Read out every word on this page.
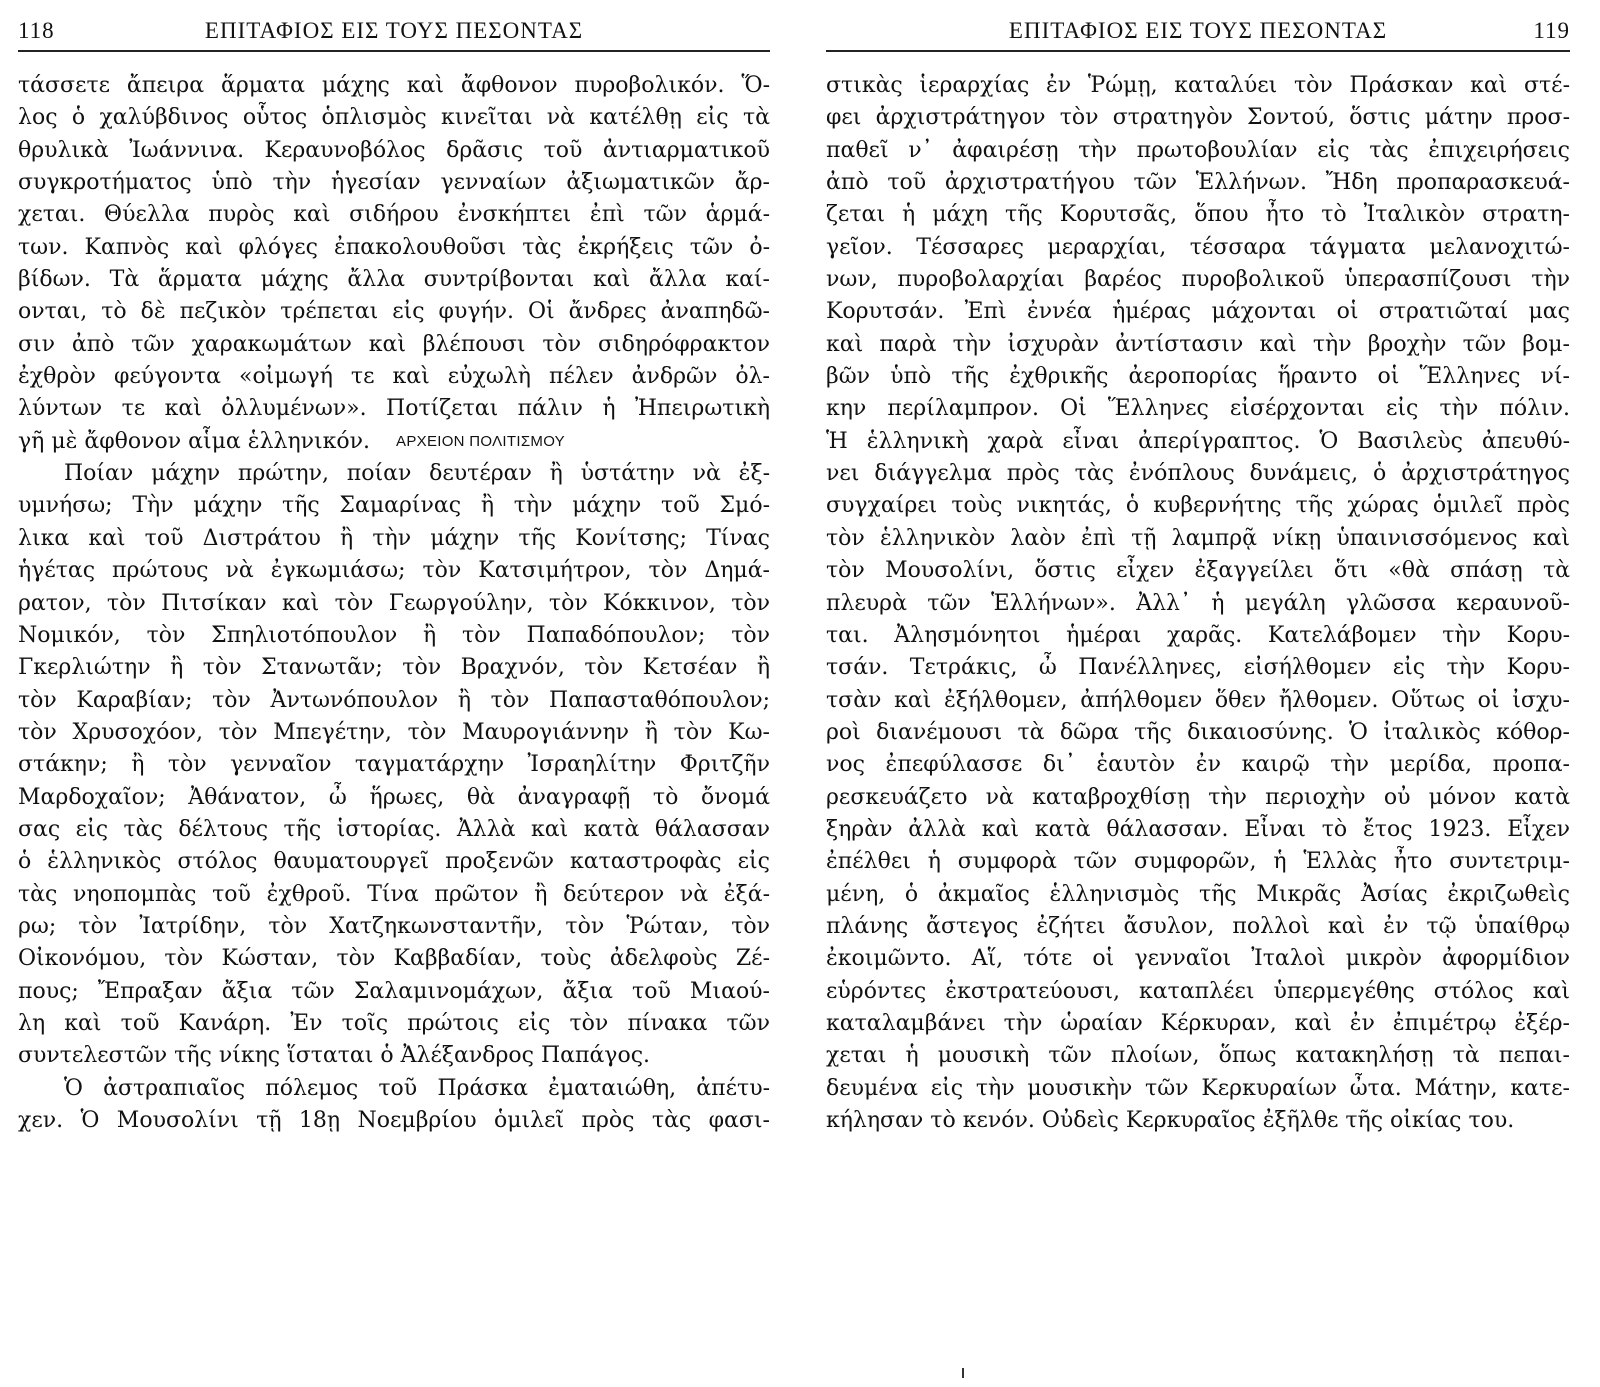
118	ΕΠΙΤΑΦΙΟΣ ΕΙΣ ΤΟΥΣ ΠΕΣΟΝΤΑΣ
τάσσετε ἄπειρα ἅρματα μάχης καὶ ἄφθονον πυροβολικόν. Ὅ-
λος ὁ χαλύβδινος οὗτος ὁπλισμὸς κινεῖται νὰ κατέλθῃ εἰς τὰ
θρυλικὰ Ἰωάννινα. Κεραυνοβόλος δρᾶσις τοῦ ἀντιαρματικοῦ
συγκροτήματος ὑπὸ τὴν ἡγεσίαν γενναίων ἀξιωματικῶν ἄρ-
χεται. Θύελλα πυρὸς καὶ σιδήρου ἐνσκήπτει ἐπὶ τῶν ἁρμά-
των. Καπνὸς καὶ φλόγες ἐπακολουθοῦσι τὰς ἐκρήξεις τῶν ὀ-
βίδων. Τὰ ἅρματα μάχης ἄλλα συντρίβονται καὶ ἄλλα καί-
ονται, τὸ δὲ πεζικὸν τρέπεται εἰς φυγήν. Οἱ ἄνδρες ἀναπηδῶ-
σιν ἀπὸ τῶν χαρακωμάτων καὶ βλέπουσι τὸν σιδηρόφρακτον
ἐχθρὸν φεύγοντα «οἰμωγή τε καὶ εὐχωλὴ πέλεν ἀνδρῶν ὀλ-
λύντων τε καὶ ὀλλυμένων». Ποτίζεται πάλιν ἡ Ἠπειρωτικὴ
γῆ μὲ ἄφθονον αἷμα ἑλληνικόν. ΑΡΧΕΙΟΝ ΠΟΛΙΤΙΣΜΟΥ
Ποίαν μάχην πρώτην, ποίαν δευτέραν ἢ ὑστάτην νὰ ἐξ-
υμνήσω; Τὴν μάχην τῆς Σαμαρίνας ἢ τὴν μάχην τοῦ Σμό-
λικα καὶ τοῦ Διστράτου ἢ τὴν μάχην τῆς Κονίτσης; Τίνας
ἡγέτας πρώτους νὰ ἐγκωμιάσω; τὸν Κατσιμήτρον, τὸν Δημά-
ρατον, τὸν Πιτσίκαν καὶ τὸν Γεωργούλην, τὸν Κόκκινον, τὸν
Νομικόν, τὸν Σπηλιοτόπουλον ἢ τὸν Παπαδόπουλον; τὸν
Γκερλιώτην ἢ τὸν Στανωτᾶν; τὸν Βραχνόν, τὸν Κετσέαν ἢ
τὸν Καραβίαν; τὸν Ἀντωνόπουλον ἢ τὸν Παπασταθόπουλον;
τὸν Χρυσοχόον, τὸν Μπεγέτην, τὸν Μαυρογιάννην ἢ τὸν Κω-
στάκην; ἢ τὸν γενναῖον ταγματάρχην Ἰσραηλίτην Φριτζῆν
Μαρδοχαῖον; Ἀθάνατον, ὦ ἥρωες, θὰ ἀναγραφῇ τὸ ὄνομά
σας εἰς τὰς δέλτους τῆς ἱστορίας. Ἀλλὰ καὶ κατὰ θάλασσαν
ὁ ἑλληνικὸς στόλος θαυματουργεῖ προξενῶν καταστροφὰς εἰς
τὰς νηοπομπὰς τοῦ ἐχθροῦ. Τίνα πρῶτον ἢ δεύτερον νὰ ἐξά-
ρω; τὸν Ἰατρίδην, τὸν Χατζηκωνσταντῆν, τὸν Ῥώταν, τὸν
Οἰκονόμου, τὸν Κώσταν, τὸν Καββαδίαν, τοὺς ἀδελφοὺς Ζέ-
πους; Ἔπραξαν ἄξια τῶν Σαλαμινομάχων, ἄξια τοῦ Μιαού-
λη καὶ τοῦ Κανάρη. Ἐν τοῖς πρώτοις εἰς τὸν πίνακα τῶν
συντελεστῶν τῆς νίκης ἵσταται ὁ Ἀλέξανδρος Παπάγος.
Ὁ ἀστραπιαῖος πόλεμος τοῦ Πράσκα ἐματαιώθη, ἀπέτυ-
χεν. Ὁ Μουσολίνι τῇ 18ῃ Νοεμβρίου ὁμιλεῖ πρὸς τὰς φασι-
ΕΠΙΤΑΦΙΟΣ ΕΙΣ ΤΟΥΣ ΠΕΣΟΝΤΑΣ	119
στικὰς ἱεραρχίας ἐν Ῥώμῃ, καταλύει τὸν Πράσκαν καὶ στέ-
φει ἀρχιστράτηγον τὸν στρατηγὸν Σοντού, ὅστις μάτην προσ-
παθεῖ ν᾽ ἀφαιρέσῃ τὴν πρωτοβουλίαν εἰς τὰς ἐπιχειρήσεις
ἀπὸ τοῦ ἀρχιστρατήγου τῶν Ἑλλήνων. Ἤδη προπαρασκευά-
ζεται ἡ μάχη τῆς Κορυτσᾶς, ὅπου ἦτο τὸ Ἰταλικὸν στρατη-
γεῖον. Τέσσαρες μεραρχίαι, τέσσαρα τάγματα μελανοχιτώ-
νων, πυροβολαρχίαι βαρέος πυροβολικοῦ ὑπερασπίζουσι τὴν
Κορυτσάν. Ἐπὶ ἐννέα ἡμέρας μάχονται οἱ στρατιῶταί μας
καὶ παρὰ τὴν ἰσχυρὰν ἀντίστασιν καὶ τὴν βροχὴν τῶν βομ-
βῶν ὑπὸ τῆς ἐχθρικῆς ἀεροπορίας ἥραντο οἱ Ἕλληνες νί-
κην περίλαμπρον. Οἱ Ἕλληνες εἰσέρχονται εἰς τὴν πόλιν.
Ἡ ἑλληνικὴ χαρὰ εἶναι ἀπερίγραπτος. Ὁ Βασιλεὺς ἀπευθύ-
νει διάγγελμα πρὸς τὰς ἐνόπλους δυνάμεις, ὁ ἀρχιστράτηγος
συγχαίρει τοὺς νικητάς, ὁ κυβερνήτης τῆς χώρας ὁμιλεῖ πρὸς
τὸν ἑλληνικὸν λαὸν ἐπὶ τῇ λαμπρᾷ νίκῃ ὑπαινισσόμενος καὶ
τὸν Μουσολίνι, ὅστις εἶχεν ἐξαγγείλει ὅτι «θὰ σπάσῃ τὰ
πλευρὰ τῶν Ἑλλήνων». Ἀλλ᾽ ἡ μεγάλη γλῶσσα κεραυνοῦ-
ται. Ἀλησμόνητοι ἡμέραι χαρᾶς. Κατελάβομεν τὴν Κορυ-
τσάν. Τετράκις, ὦ Πανέλληνες, εἰσήλθομεν εἰς τὴν Κορυ-
τσὰν καὶ ἐξήλθομεν, ἀπήλθομεν ὅθεν ἤλθομεν. Οὕτως οἱ ἰσχυ-
ροὶ διανέμουσι τὰ δῶρα τῆς δικαιοσύνης. Ὁ ἰταλικὸς κόθορ-
νος ἐπεφύλασσε δι᾽ ἑαυτὸν ἐν καιρῷ τὴν μερίδα, προπα-
ρεσκευάζετο νὰ καταβροχθίσῃ τὴν περιοχὴν οὐ μόνον κατὰ
ξηρὰν ἀλλὰ καὶ κατὰ θάλασσαν. Εἶναι τὸ ἔτος 1923. Εἶχεν
ἐπέλθει ἡ συμφορὰ τῶν συμφορῶν, ἡ Ἑλλὰς ἦτο συντετριμ-
μένη, ὁ ἀκμαῖος ἑλληνισμὸς τῆς Μικρᾶς Ἀσίας ἐκριζωθεὶς
πλάνης ἄστεγος ἐζήτει ἄσυλον, πολλοὶ καὶ ἐν τῷ ὑπαίθρῳ
ἐκοιμῶντο. Αἵ, τότε οἱ γενναῖοι Ἰταλοὶ μικρὸν ἀφορμίδιον
εὑρόντες ἐκστρατεύουσι, καταπλέει ὑπερμεγέθης στόλος καὶ
καταλαμβάνει τὴν ὡραίαν Κέρκυραν, καὶ ἐν ἐπιμέτρῳ ἐξέρ-
χεται ἡ μουσικὴ τῶν πλοίων, ὅπως κατακηλήσῃ τὰ πεπαι-
δευμένα εἰς τὴν μουσικὴν τῶν Κερκυραίων ὦτα. Μάτην, κατε-
κήλησαν τὸ κενόν. Οὐδεὶς Κερκυραῖος ἐξῆλθε τῆς οἰκίας του.
